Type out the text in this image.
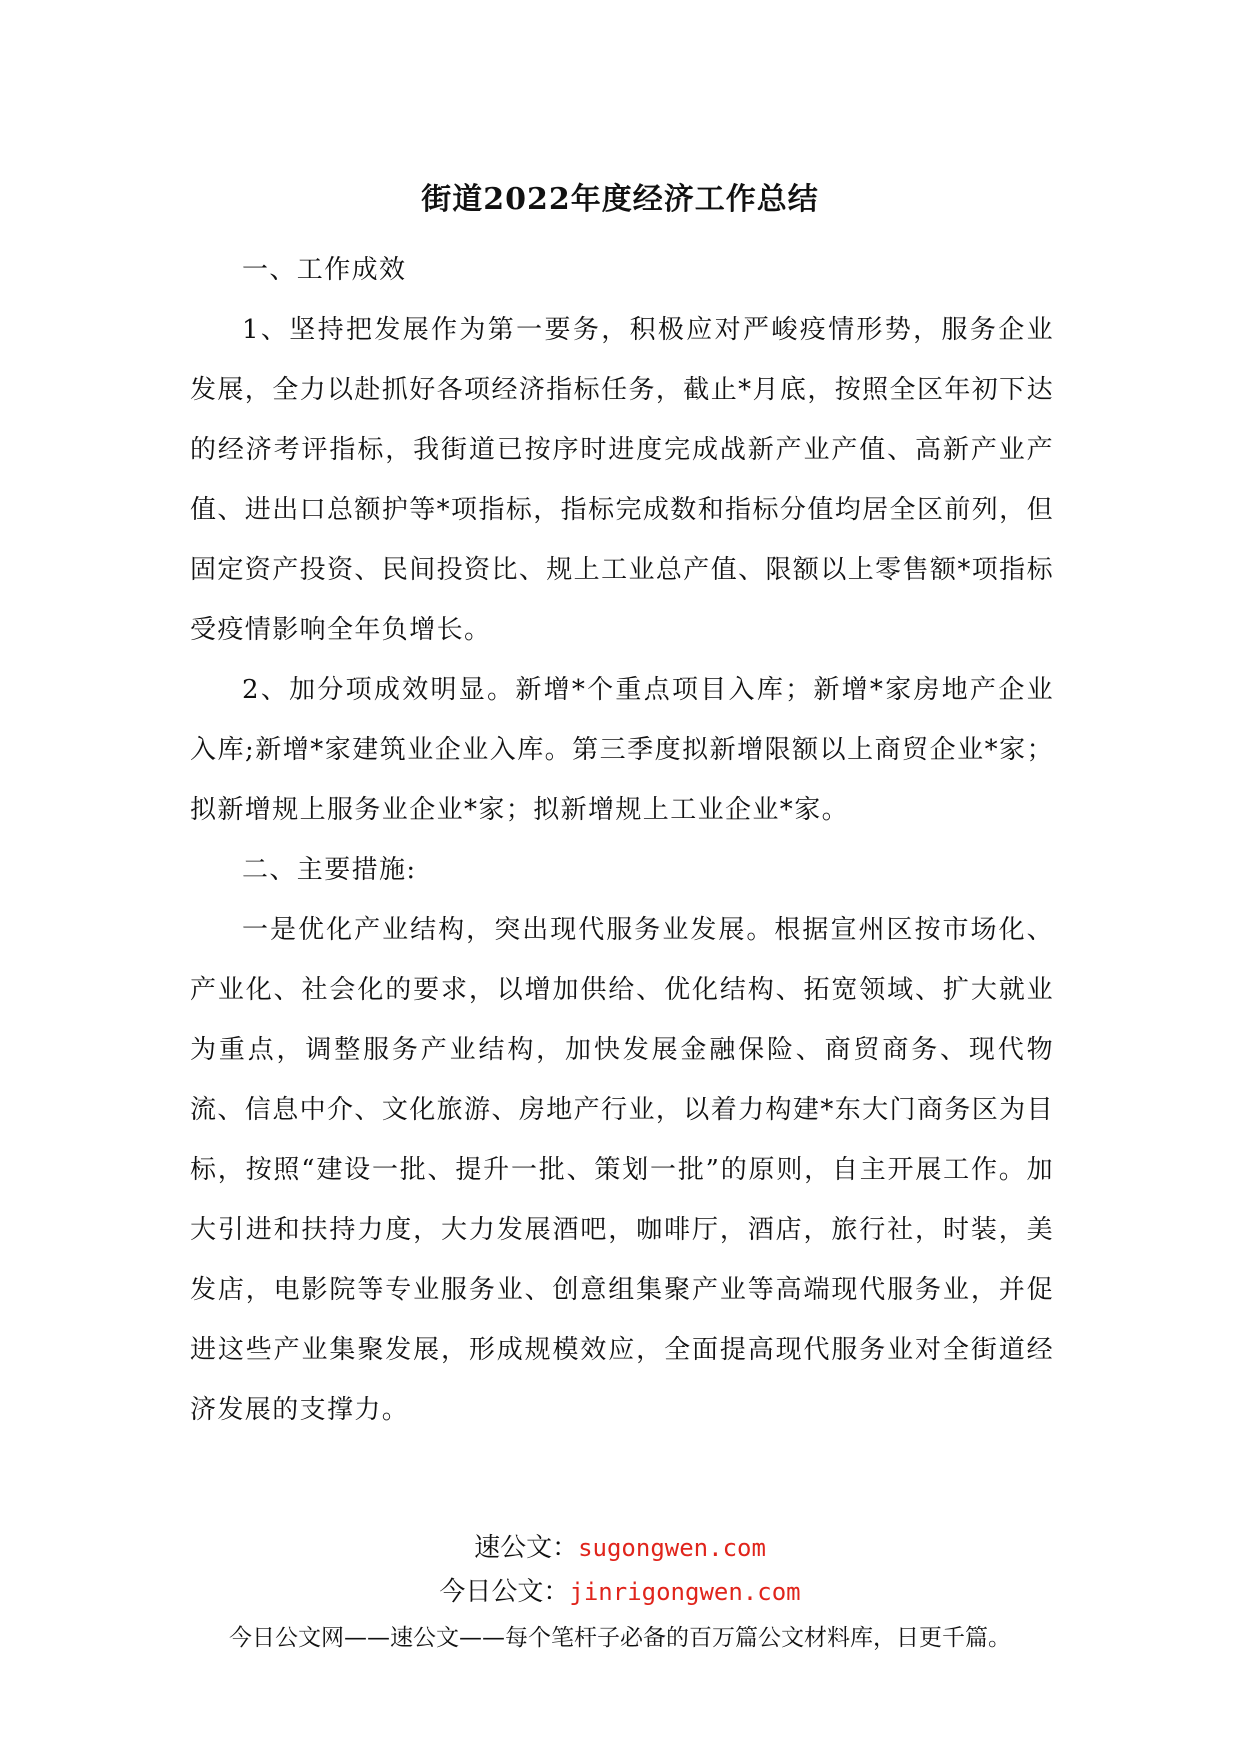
街道2022年度经济工作总结

一、工作成效

1、坚持把发展作为第一要务，积极应对严峻疫情形势，服务企业发展，全力以赴抓好各项经济指标任务，截止*月底，按照全区年初下达的经济考评指标，我街道已按序时进度完成战新产业产值、高新产业产值、进出口总额护等*项指标，指标完成数和指标分值均居全区前列，但固定资产投资、民间投资比、规上工业总产值、限额以上零售额*项指标受疫情影响全年负增长。

2、加分项成效明显。新增*个重点项目入库；新增*家房地产企业入库;新增*家建筑业企业入库。第三季度拟新增限额以上商贸企业*家；拟新增规上服务业企业*家；拟新增规上工业企业*家。

二、主要措施:

一是优化产业结构，突出现代服务业发展。根据宣州区按市场化、产业化、社会化的要求，以增加供给、优化结构、拓宽领域、扩大就业为重点，调整服务产业结构，加快发展金融保险、商贸商务、现代物流、信息中介、文化旅游、房地产行业，以着力构建*东大门商务区为目标，按照“建设一批、提升一批、策划一批”的原则，自主开展工作。加大引进和扶持力度，大力发展酒吧，咖啡厅，酒店，旅行社，时装，美发店，电影院等专业服务业、创意组集聚产业等高端现代服务业，并促进这些产业集聚发展，形成规模效应，全面提高现代服务业对全街道经济发展的支撑力。

速公文：sugongwen.com
今日公文：jinrigongwen.com
今日公文网——速公文——每个笔杆子必备的百万篇公文材料库，日更千篇。
